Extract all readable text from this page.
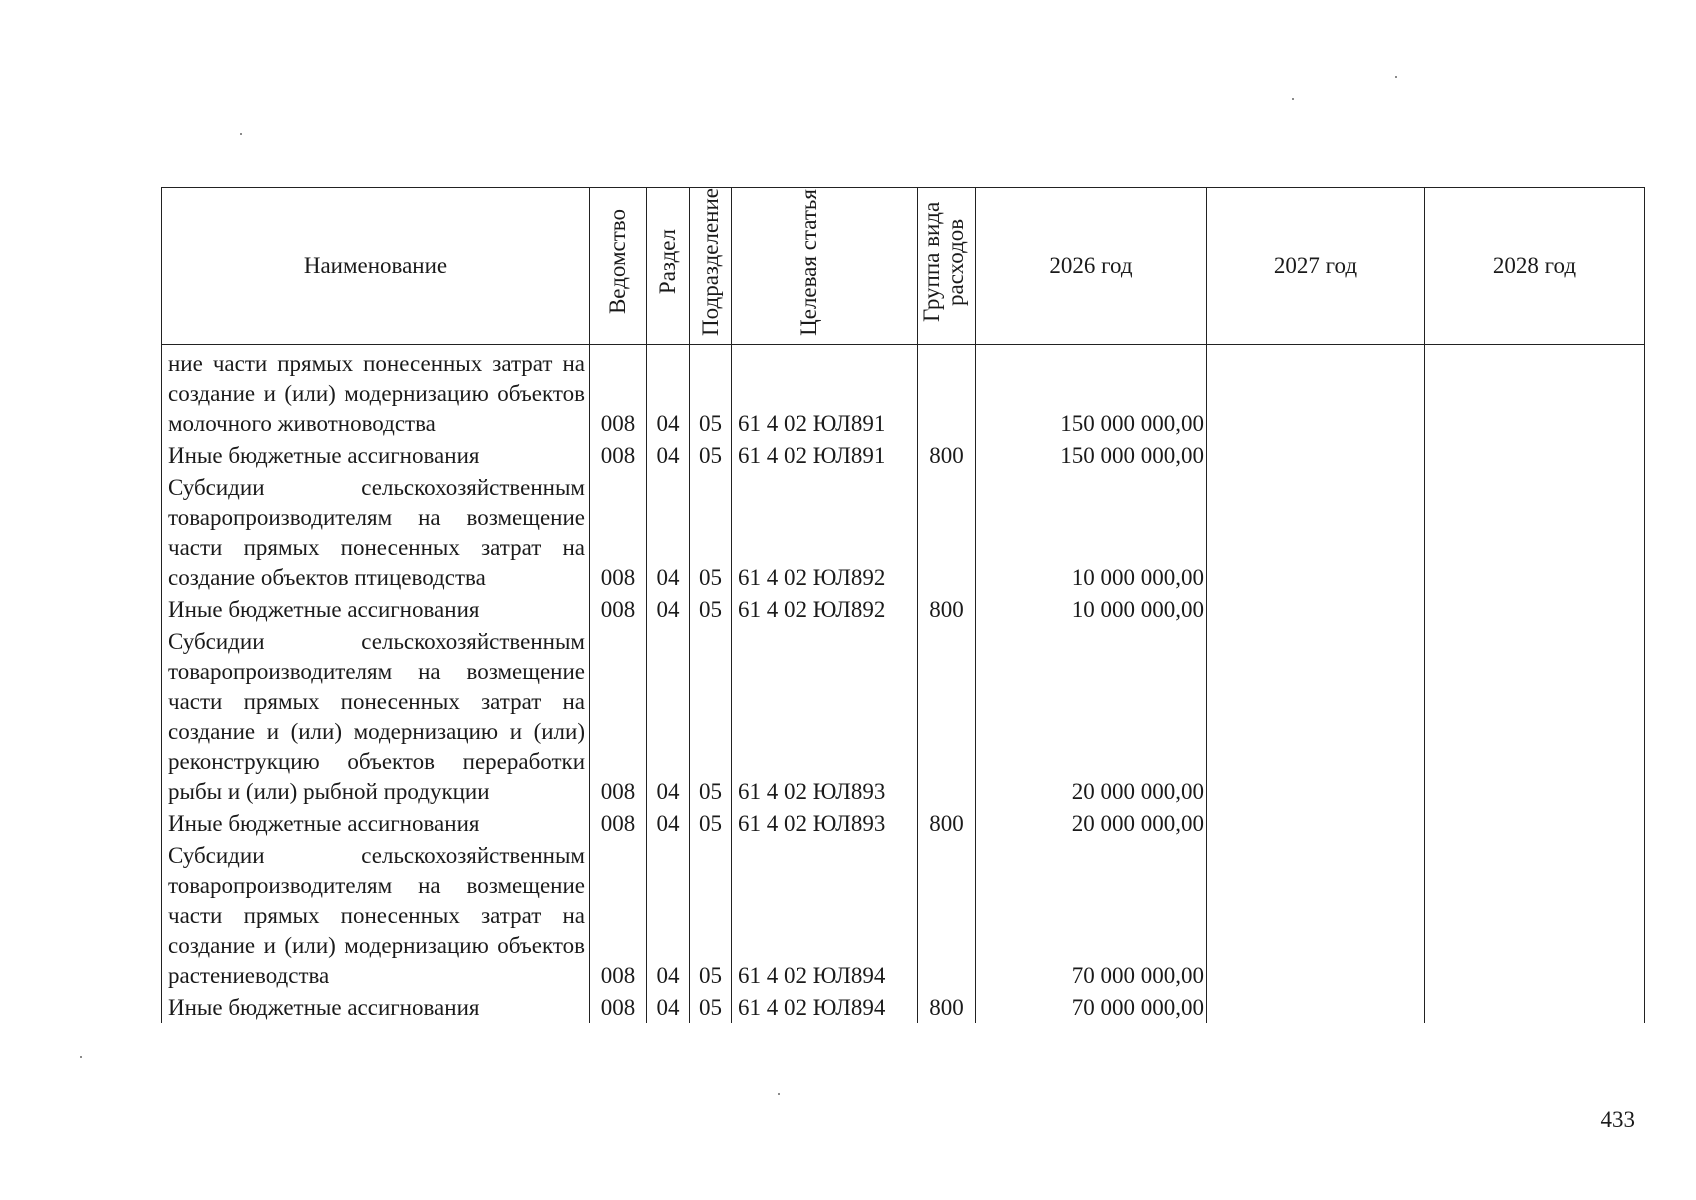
Наименование	Ведомство	Раздел	Подразделение	Целевая статья	Группа вида расходов	2026 год	2027 год	2028 год
ние части прямых понесенных затрат на создание и (или) модернизацию объектов молочного животноводства	008	04	05	61 4 02 ЮЛ891		150 000 000,00		
Иные бюджетные ассигнования	008	04	05	61 4 02 ЮЛ891	800	150 000 000,00		
Субсидии сельскохозяйственным товаропроизводителям на возмещение части прямых понесенных затрат на создание объектов птицеводства	008	04	05	61 4 02 ЮЛ892		10 000 000,00		
Иные бюджетные ассигнования	008	04	05	61 4 02 ЮЛ892	800	10 000 000,00		
Субсидии сельскохозяйственным товаропроизводителям на возмещение части прямых понесенных затрат на создание и (или) модернизацию и (или) реконструкцию объектов переработки рыбы и (или) рыбной продукции	008	04	05	61 4 02 ЮЛ893		20 000 000,00		
Иные бюджетные ассигнования	008	04	05	61 4 02 ЮЛ893	800	20 000 000,00		
Субсидии сельскохозяйственным товаропроизводителям на возмещение части прямых понесенных затрат на создание и (или) модернизацию объектов растениеводства	008	04	05	61 4 02 ЮЛ894		70 000 000,00		
Иные бюджетные ассигнования	008	04	05	61 4 02 ЮЛ894	800	70 000 000,00		
433
